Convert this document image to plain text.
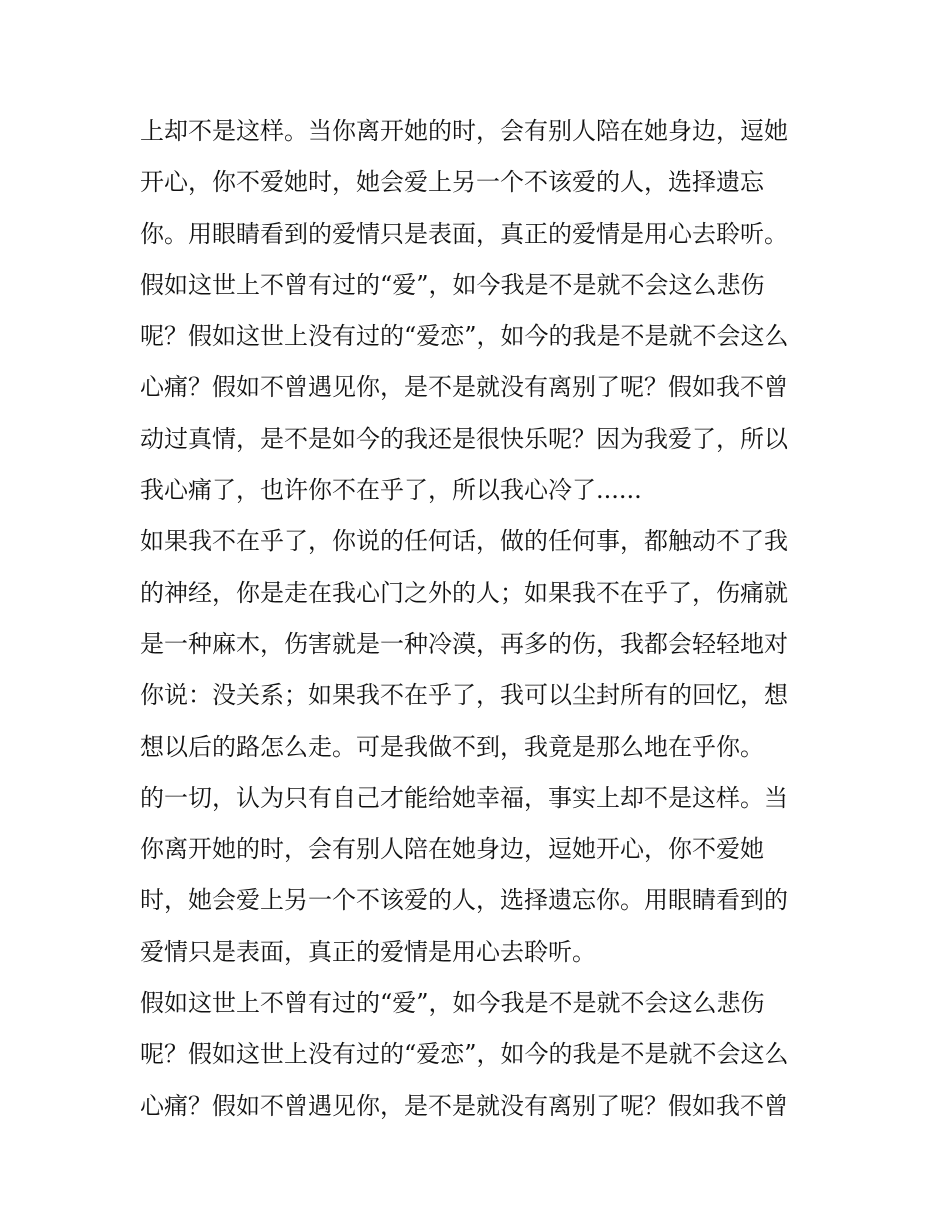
上却不是这样。当你离开她的时，会有别人陪在她身边，逗她
开心，你不爱她时，她会爱上另一个不该爱的人，选择遗忘
你。用眼睛看到的爱情只是表面，真正的爱情是用心去聆听。
假如这世上不曾有过的“爱”，如今我是不是就不会这么悲伤
呢？假如这世上没有过的“爱恋”，如今的我是不是就不会这么
心痛？假如不曾遇见你，是不是就没有离别了呢？假如我不曾
动过真情，是不是如今的我还是很快乐呢？因为我爱了，所以
我心痛了，也许你不在乎了，所以我心冷了......
如果我不在乎了，你说的任何话，做的任何事，都触动不了我
的神经，你是走在我心门之外的人；如果我不在乎了，伤痛就
是一种麻木，伤害就是一种冷漠，再多的伤，我都会轻轻地对
你说：没关系；如果我不在乎了，我可以尘封所有的回忆，想
想以后的路怎么走。可是我做不到，我竟是那么地在乎你。
的一切，认为只有自己才能给她幸福，事实上却不是这样。当
你离开她的时，会有别人陪在她身边，逗她开心，你不爱她
时，她会爱上另一个不该爱的人，选择遗忘你。用眼睛看到的
爱情只是表面，真正的爱情是用心去聆听。
假如这世上不曾有过的“爱”，如今我是不是就不会这么悲伤
呢？假如这世上没有过的“爱恋”，如今的我是不是就不会这么
心痛？假如不曾遇见你，是不是就没有离别了呢？假如我不曾
